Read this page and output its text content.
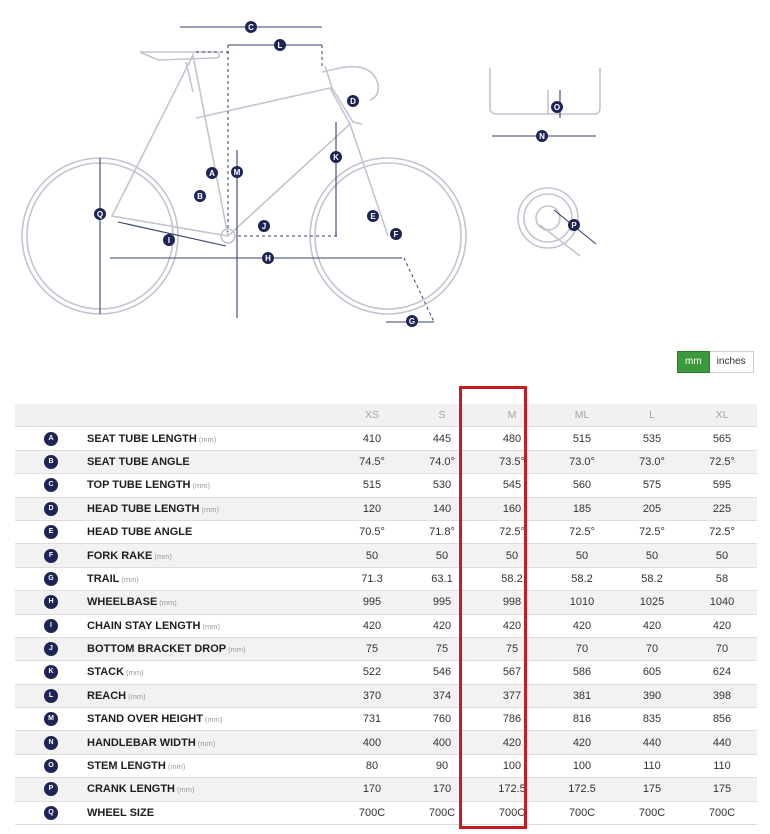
A
B
C
D
E
F
G
H
I
J
K
L
M
N
O
P
Q
mm	inches
		XS	S	M	ML	L	XL
A	SEAT TUBE LENGTH (mm)	410	445	480	515	535	565
B	SEAT TUBE ANGLE	74.5°	74.0°	73.5°	73.0°	73.0°	72.5°
C	TOP TUBE LENGTH (mm)	515	530	545	560	575	595
D	HEAD TUBE LENGTH (mm)	120	140	160	185	205	225
E	HEAD TUBE ANGLE	70.5°	71.8°	72.5°	72.5°	72.5°	72.5°
F	FORK RAKE (mm)	50	50	50	50	50	50
G	TRAIL (mm)	71.3	63.1	58.2	58.2	58.2	58
H	WHEELBASE (mm)	995	995	998	1010	1025	1040
I	CHAIN STAY LENGTH (mm)	420	420	420	420	420	420
J	BOTTOM BRACKET DROP (mm)	75	75	75	70	70	70
K	STACK (mm)	522	546	567	586	605	624
L	REACH (mm)	370	374	377	381	390	398
M	STAND OVER HEIGHT (mm)	731	760	786	816	835	856
N	HANDLEBAR WIDTH (mm)	400	400	420	420	440	440
O	STEM LENGTH (mm)	80	90	100	100	110	110
P	CRANK LENGTH (mm)	170	170	172.5	172.5	175	175
Q	WHEEL SIZE	700C	700C	700C	700C	700C	700C
